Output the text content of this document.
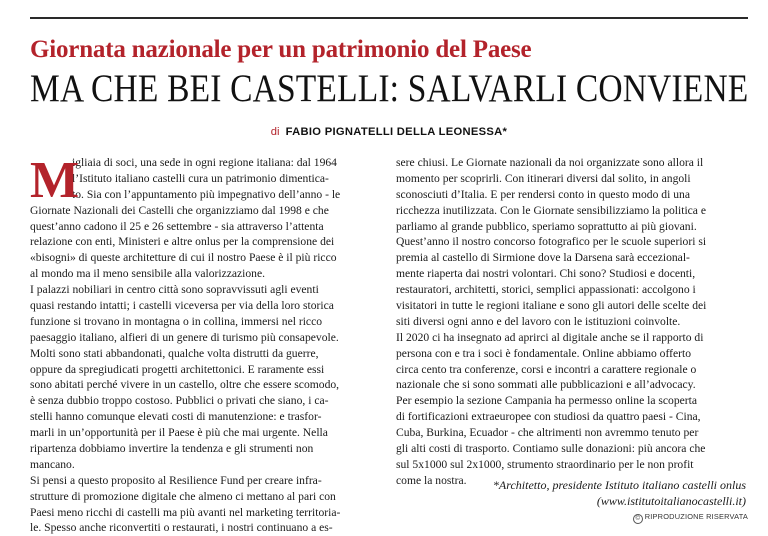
Giornata nazionale per un patrimonio del Paese
MA CHE BEI CASTELLI: SALVARLI CONVIENE
di FABIO PIGNATELLI DELLA LEONESSA*
M
igliaia di soci, una sede in ogni regione italiana: dal 1964
l’Istituto italiano castelli cura un patrimonio dimentica-
to. Sia con l’appuntamento più impegnativo dell’anno - le
Giornate Nazionali dei Castelli che organizziamo dal 1998 e che
quest’anno cadono il 25 e 26 settembre - sia attraverso l’attenta
relazione con enti, Ministeri e altre onlus per la comprensione dei
«bisogni» di queste architetture di cui il nostro Paese è il più ricco
al mondo ma il meno sensibile alla valorizzazione.
I palazzi nobiliari in centro città sono sopravvissuti agli eventi
quasi restando intatti; i castelli viceversa per via della loro storica
funzione si trovano in montagna o in collina, immersi nel ricco
paesaggio italiano, alfieri di un genere di turismo più consapevole.
Molti sono stati abbandonati, qualche volta distrutti da guerre,
oppure da spregiudicati progetti architettonici. E raramente essi
sono abitati perché vivere in un castello, oltre che essere scomodo,
è senza dubbio troppo costoso. Pubblici o privati che siano, i ca-
stelli hanno comunque elevati costi di manutenzione: e trasfor-
marli in un’opportunità per il Paese è più che mai urgente. Nella
ripartenza dobbiamo invertire la tendenza e gli strumenti non
mancano.
Si pensi a questo proposito al Resilience Fund per creare infra-
strutture di promozione digitale che almeno ci mettano al pari con
Paesi meno ricchi di castelli ma più avanti nel marketing territoria-
le. Spesso anche riconvertiti o restaurati, i nostri continuano a es-
sere chiusi. Le Giornate nazionali da noi organizzate sono allora il
momento per scoprirli. Con itinerari diversi dal solito, in angoli
sconosciuti d’Italia. E per rendersi conto in questo modo di una
ricchezza inutilizzata. Con le Giornate sensibilizziamo la politica e
parliamo al grande pubblico, speriamo soprattutto ai più giovani.
Quest’anno il nostro concorso fotografico per le scuole superiori si
premia al castello di Sirmione dove la Darsena sarà eccezional-
mente riaperta dai nostri volontari. Chi sono? Studiosi e docenti,
restauratori, architetti, storici, semplici appassionati: accolgono i
visitatori in tutte le regioni italiane e sono gli autori delle scelte dei
siti diversi ogni anno e del lavoro con le istituzioni coinvolte.
Il 2020 ci ha insegnato ad aprirci al digitale anche se il rapporto di
persona con e tra i soci è fondamentale. Online abbiamo offerto
circa cento tra conferenze, corsi e incontri a carattere regionale o
nazionale che si sono sommati alle pubblicazioni e all’advocacy.
Per esempio la sezione Campania ha permesso online la scoperta
di fortificazioni extraeuropee con studiosi da quattro paesi - Cina,
Cuba, Burkina, Ecuador - che altrimenti non avremmo tenuto per
gli alti costi di trasporto. Contiamo sulle donazioni: più ancora che
sul 5x1000 sul 2x1000, strumento straordinario per le non profit
come la nostra.	*Architetto, presidente Istituto italiano castelli onlus
(www.istitutoitalianocastelli.it)
© RIPRODUZIONE RISERVATA
